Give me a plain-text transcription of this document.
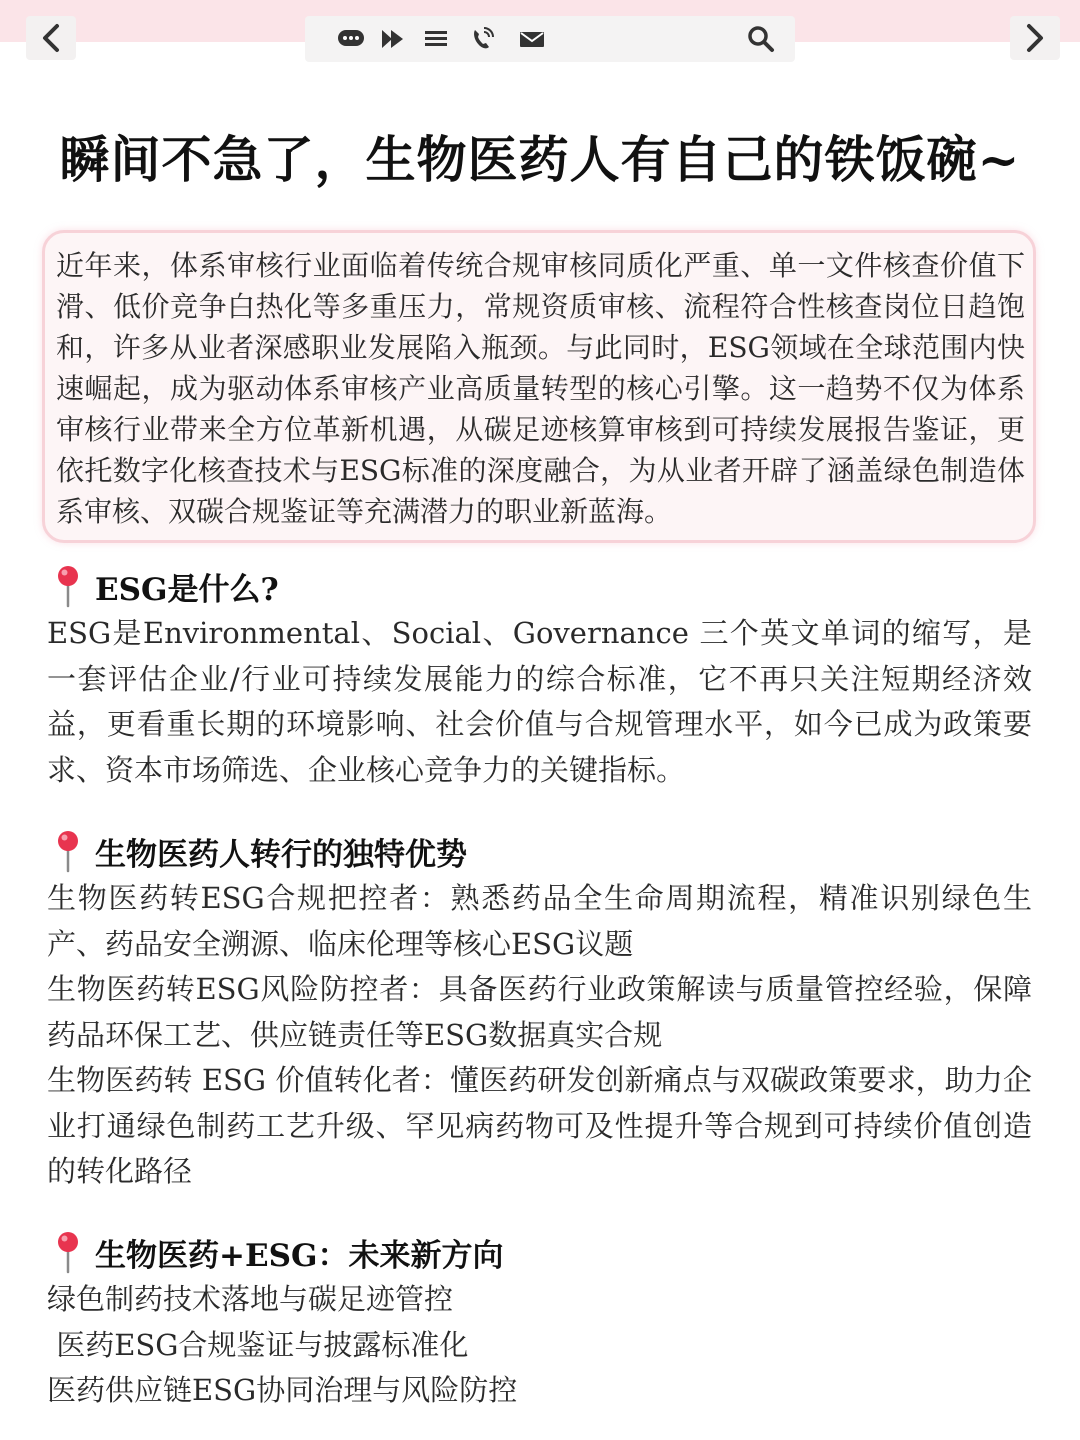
瞬间不急了，生物医药人有自己的铁饭碗~

近年来，体系审核行业面临着传统合规审核同质化严重、单一文件核查价值下滑、低价竞争白热化等多重压力，常规资质审核、流程符合性核查岗位日趋饱和，许多从业者深感职业发展陷入瓶颈。与此同时，ESG领域在全球范围内快速崛起，成为驱动体系审核产业高质量转型的核心引擎。这一趋势不仅为体系审核行业带来全方位革新机遇，从碳足迹核算审核到可持续发展报告鉴证，更依托数字化核查技术与ESG标准的深度融合，为从业者开辟了涵盖绿色制造体系审核、双碳合规鉴证等充满潜力的职业新蓝海。

ESG是什么?

ESG是Environmental、Social、Governance 三个英文单词的缩写，是一套评估企业/行业可持续发展能力的综合标准，它不再只关注短期经济效益，更看重长期的环境影响、社会价值与合规管理水平，如今已成为政策要求、资本市场筛选、企业核心竞争力的关键指标。

生物医药人转行的独特优势

生物医药转ESG合规把控者：熟悉药品全生命周期流程，精准识别绿色生产、药品安全溯源、临床伦理等核心ESG议题

生物医药转ESG风险防控者：具备医药行业政策解读与质量管控经验，保障药品环保工艺、供应链责任等ESG数据真实合规

生物医药转 ESG 价值转化者：懂医药研发创新痛点与双碳政策要求，助力企业打通绿色制药工艺升级、罕见病药物可及性提升等合规到可持续价值创造的转化路径

生物医药+ESG：未来新方向

绿色制药技术落地与碳足迹管控

医药ESG合规鉴证与披露标准化

医药供应链ESG协同治理与风险防控
